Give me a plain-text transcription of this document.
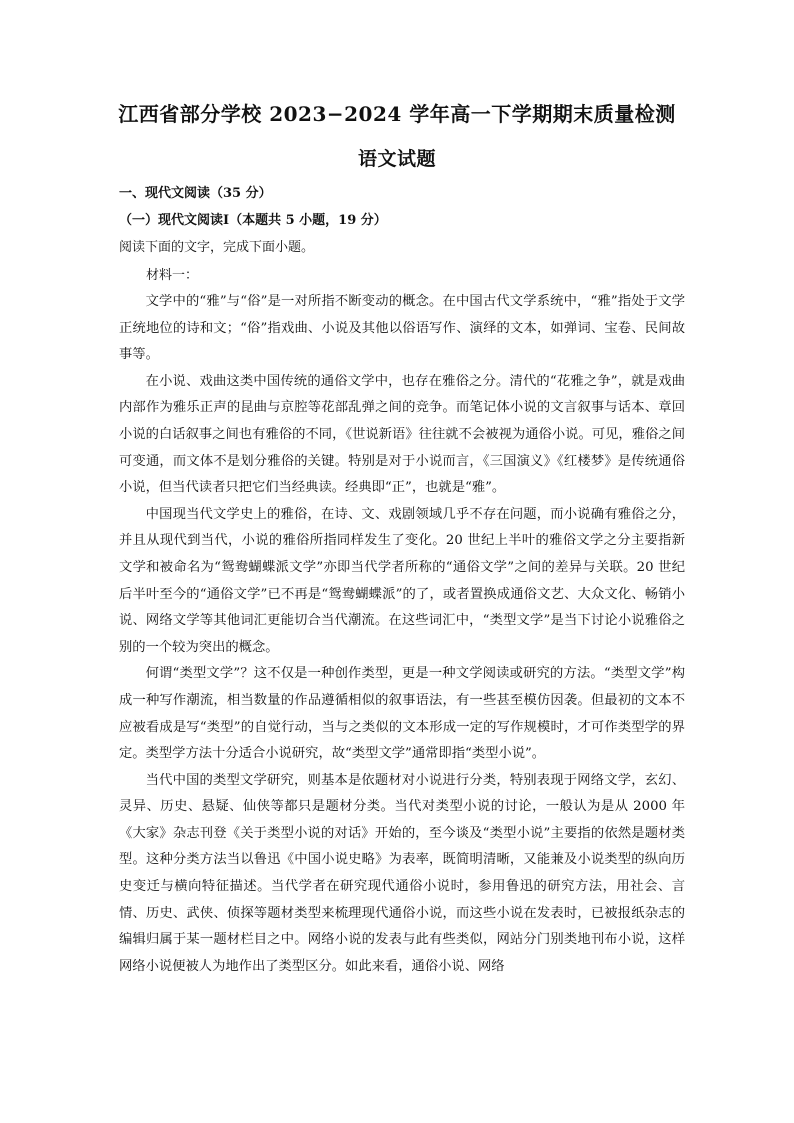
江西省部分学校 2023−2024 学年高一下学期期末质量检测
语文试题
一、现代文阅读（35 分）
（一）现代文阅读Ⅰ（本题共 5 小题，19 分）
阅读下面的文字，完成下面小题。
材料一：

文学中的“雅”与“俗”是一对所指不断变动的概念。在中国古代文学系统中，“雅”指处于文学正统地位的诗和文；“俗”指戏曲、小说及其他以俗语写作、演绎的文本，如弹词、宝卷、民间故事等。

在小说、戏曲这类中国传统的通俗文学中，也存在雅俗之分。清代的“花雅之争”，就是戏曲内部作为雅乐正声的昆曲与京腔等花部乱弹之间的竞争。而笔记体小说的文言叙事与话本、章回小说的白话叙事之间也有雅俗的不同，《世说新语》往往就不会被视为通俗小说。可见，雅俗之间可变通，而文体不是划分雅俗的关键。特别是对于小说而言，《三国演义》《红楼梦》是传统通俗小说，但当代读者只把它们当经典读。经典即“正”，也就是“雅”。

中国现当代文学史上的雅俗，在诗、文、戏剧领域几乎不存在问题，而小说确有雅俗之分，并且从现代到当代，小说的雅俗所指同样发生了变化。20 世纪上半叶的雅俗文学之分主要指新文学和被命名为“鸳鸯蝴蝶派文学”亦即当代学者所称的“通俗文学”之间的差异与关联。20 世纪后半叶至今的“通俗文学”已不再是“鸳鸯蝴蝶派”的了，或者置换成通俗文艺、大众文化、畅销小说、网络文学等其他词汇更能切合当代潮流。在这些词汇中，“类型文学”是当下讨论小说雅俗之别的一个较为突出的概念。

何谓“类型文学”？这不仅是一种创作类型，更是一种文学阅读或研究的方法。“类型文学”构成一种写作潮流，相当数量的作品遵循相似的叙事语法，有一些甚至模仿因袭。但最初的文本不应被看成是写“类型”的自觉行动，当与之类似的文本形成一定的写作规模时，才可作类型学的界定。类型学方法十分适合小说研究，故“类型文学”通常即指“类型小说”。

当代中国的类型文学研究，则基本是依题材对小说进行分类，特别表现于网络文学，玄幻、灵异、历史、悬疑、仙侠等都只是题材分类。当代对类型小说的讨论，一般认为是从 2000 年《大家》杂志刊登《关于类型小说的对话》开始的，至今谈及“类型小说”主要指的依然是题材类型。这种分类方法当以鲁迅《中国小说史略》为表率，既简明清晰，又能兼及小说类型的纵向历史变迁与横向特征描述。当代学者在研究现代通俗小说时，参用鲁迅的研究方法，用社会、言情、历史、武侠、侦探等题材类型来梳理现代通俗小说，而这些小说在发表时，已被报纸杂志的编辑归属于某一题材栏目之中。网络小说的发表与此有些类似，网站分门别类地刊布小说，这样网络小说便被人为地作出了类型区分。如此来看，通俗小说、网络
